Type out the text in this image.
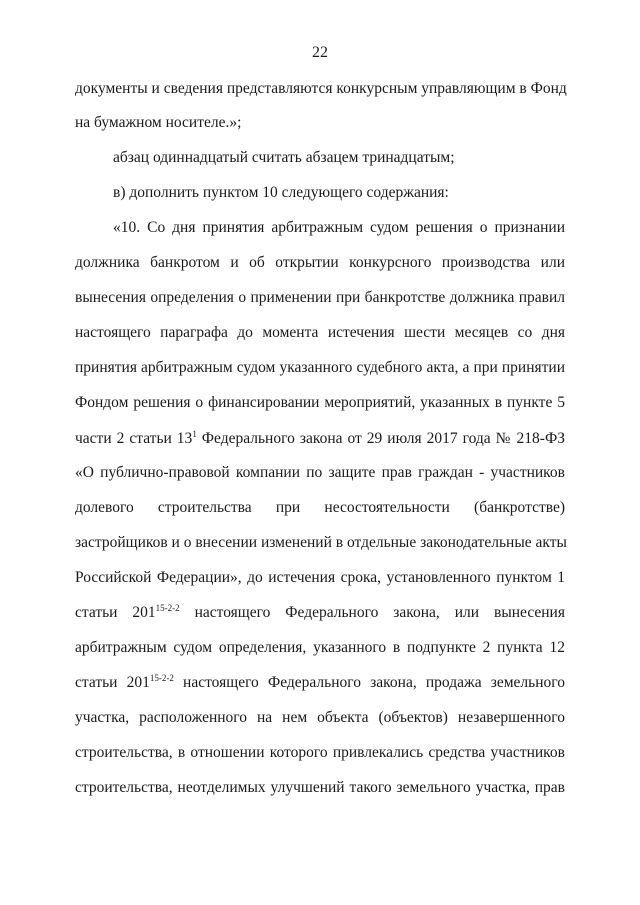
22
документы и сведения представляются конкурсным управляющим в Фонд
на бумажном носителе.»;
абзац одиннадцатый считать абзацем тринадцатым;
в) дополнить пунктом 10 следующего содержания:
«10. Со дня принятия арбитражным судом решения о признании
должника банкротом и об открытии конкурсного производства или
вынесения определения о применении при банкротстве должника правил
настоящего параграфа до момента истечения шести месяцев со дня
принятия арбитражным судом указанного судебного акта, а при принятии
Фондом решения о финансировании мероприятий, указанных в пункте 5
части 2 статьи $13^1$ Федерального закона от 29 июля 2017 года № 218-ФЗ
«О публично-правовой компании по защите прав граждан - участников
долевого строительства при несостоятельности (банкротстве)
застройщиков и о внесении изменений в отдельные законодательные акты
Российской Федерации», до истечения срока, установленного пунктом 1
статьи 201$^{15-2-2}$ настоящего Федерального закона, или вынесения
арбитражным судом определения, указанного в подпункте 2 пункта 12
статьи 201$^{15-2-2}$ настоящего Федерального закона, продажа земельного
участка, расположенного на нем объекта (объектов) незавершенного
строительства, в отношении которого привлекались средства участников
строительства, неотделимых улучшений такого земельного участка, прав
